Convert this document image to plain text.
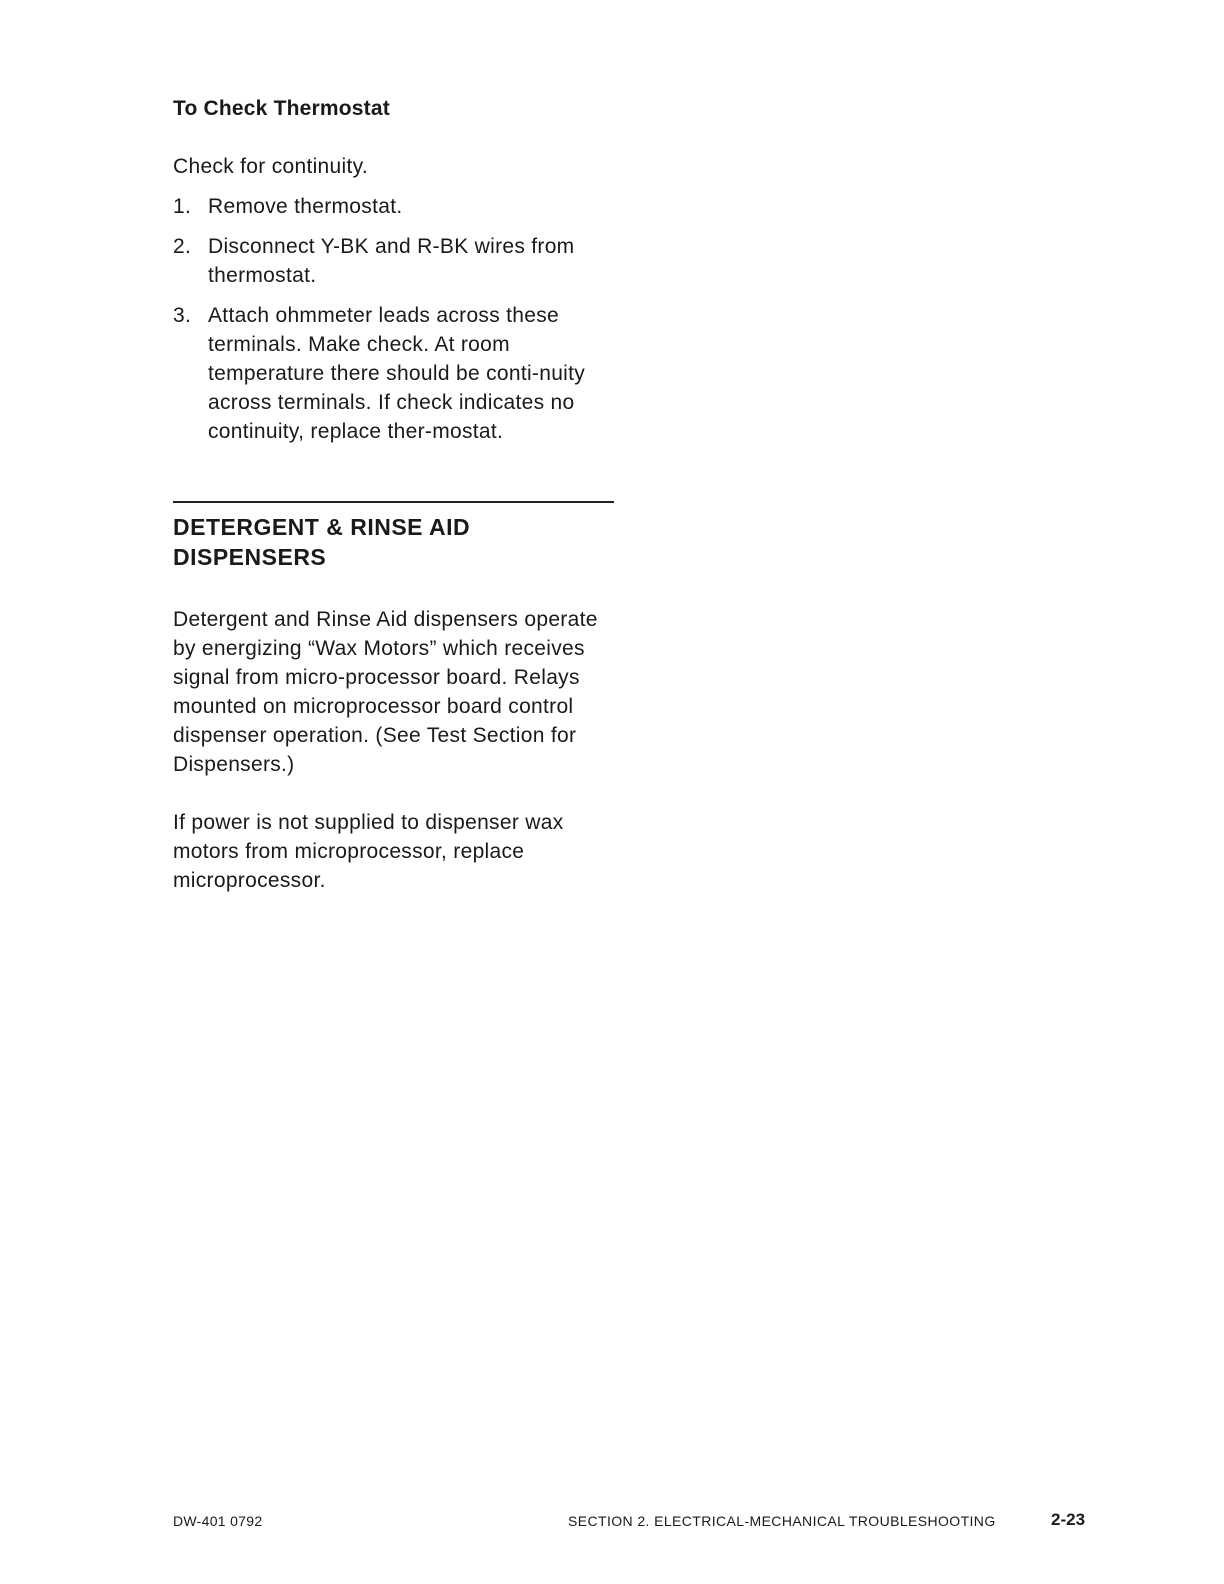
To Check Thermostat

Check for continuity.

1. Remove thermostat.
2. Disconnect Y-BK and R-BK wires from thermostat.
3. Attach ohmmeter leads across these terminals. Make check. At room temperature there should be conti-nuity across terminals. If check indicates no continuity, replace ther-mostat.
DETERGENT & RINSE AID DISPENSERS

Detergent and Rinse Aid dispensers operate by energizing “Wax Motors” which receives signal from micro-processor board. Relays mounted on microprocessor board control dispenser operation. (See Test Section for Dispensers.)

If power is not supplied to dispenser wax motors from microprocessor, replace microprocessor.

DW-401 0792	SECTION 2. ELECTRICAL-MECHANICAL TROUBLESHOOTING	2-23
